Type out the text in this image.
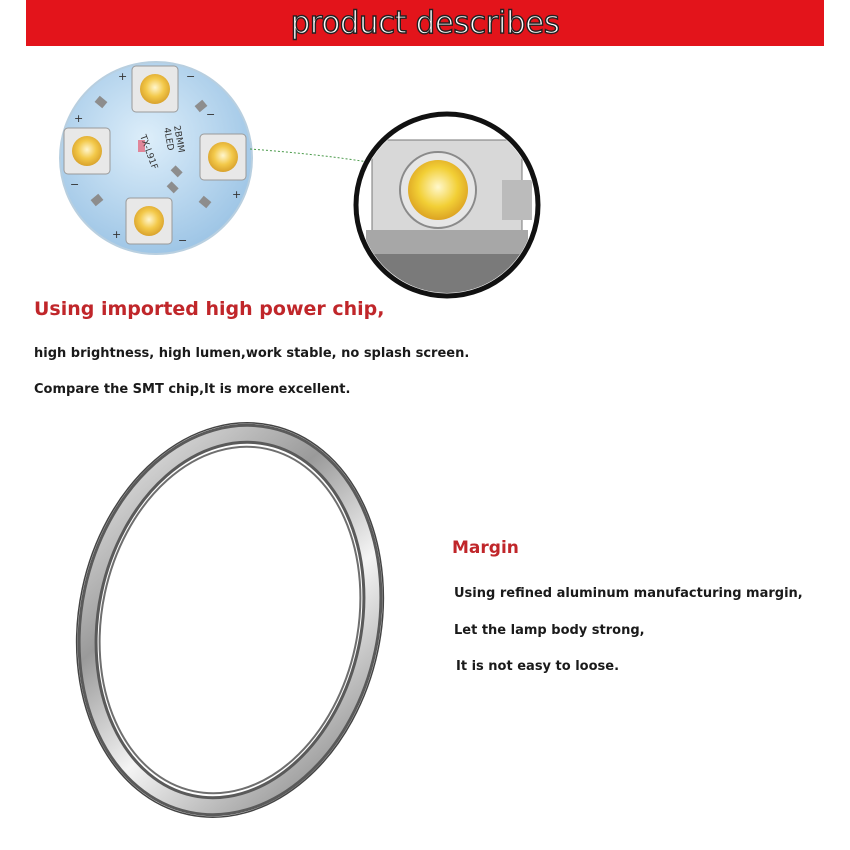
product describes
+	−
+	−
−
+
+	−
2BMM
4LED
TX-L91F
Using imported high power chip,
high brightness, high lumen,work stable, no splash screen.
Compare the SMT chip,It is more excellent.
Margin
Using refined aluminum manufacturing margin,
Let the lamp body strong,
It is not easy to loose.
